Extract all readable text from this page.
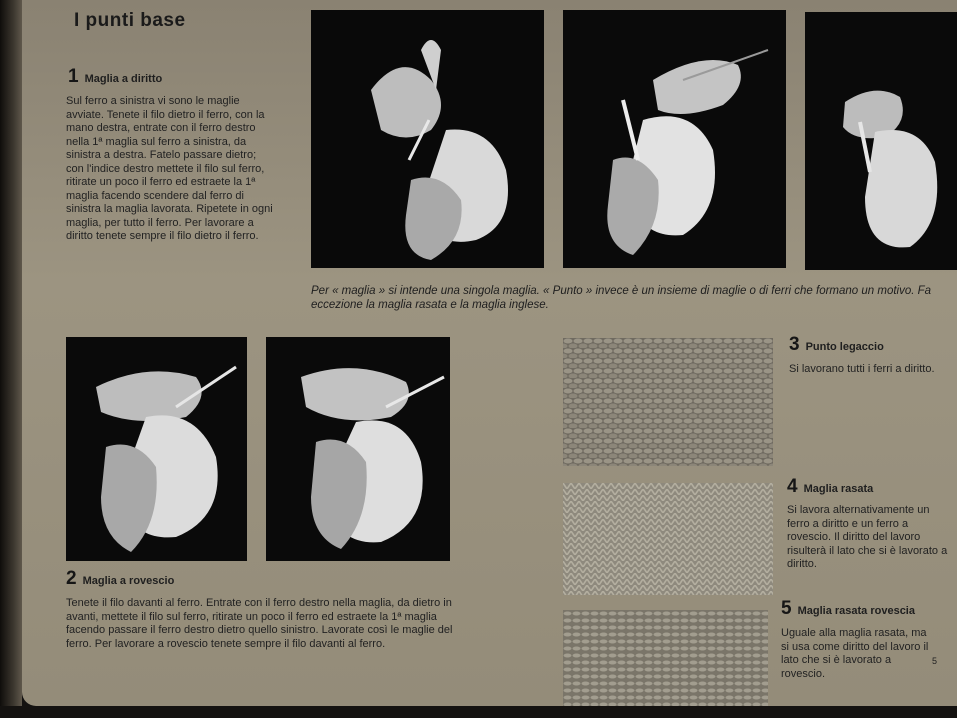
I punti base
1 Maglia a diritto

Sul ferro a sinistra vi sono le maglie avviate. Tenete il filo dietro il ferro, con la mano destra, entrate con il ferro destro nella 1ª maglia sul ferro a sinistra, da sinistra a destra. Fatelo passare dietro; con l'indice destro mettete il filo sul ferro, ritirate un poco il ferro ed estraete la 1ª maglia facendo scendere dal ferro di sinistra la maglia lavorata. Ripetete in ogni maglia, per tutto il ferro. Per lavorare a diritto tenete sempre il filo dietro il ferro.

Per « maglia » si intende una singola maglia. « Punto » invece è un insieme di maglie o di ferri che formano un motivo. Fa eccezione la maglia rasata e la maglia inglese.

2 Maglia a rovescio

Tenete il filo davanti al ferro. Entrate con il ferro destro nella maglia, da dietro in avanti, mettete il filo sul ferro, ritirate un poco il ferro ed estraete la 1ª maglia facendo passare il ferro destro dietro quello sinistro. Lavorate così le maglie del ferro. Per lavorare a rovescio tenete sempre il filo davanti al ferro.

3 Punto legaccio

Si lavorano tutti i ferri a diritto.

4 Maglia rasata

Si lavora alternativamente un ferro a diritto e un ferro a rovescio. Il diritto del lavoro risulterà il lato che si è lavorato a diritto.

5 Maglia rasata rovescia

Uguale alla maglia rasata, ma si usa come diritto del lavoro il lato che si è lavorato a rovescio.

5
